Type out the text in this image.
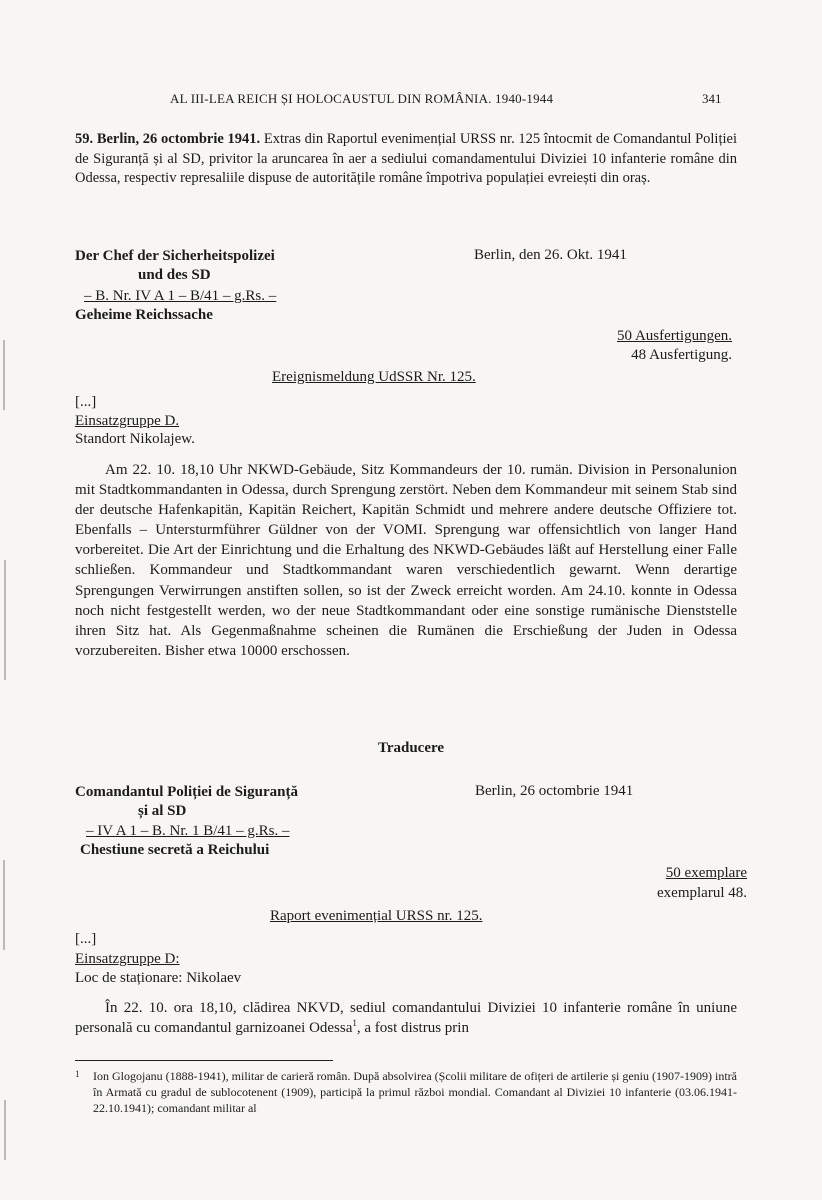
AL III-LEA REICH ȘI HOLOCAUSTUL DIN ROMÂNIA. 1940-1944	341
59. Berlin, 26 octombrie 1941. Extras din Raportul evenimențial URSS nr. 125 întocmit de Comandantul Poliției de Siguranță și al SD, privitor la aruncarea în aer a sediului comandamentului Diviziei 10 infanterie române din Odessa, respectiv represaliile dispuse de autoritățile române împotriva populației evreiești din oraș.
Der Chef der Sicherheitspolizei
und des SD
– B. Nr. IV A 1 – B/41 – g.Rs. –
Geheime Reichssache
Berlin, den 26. Okt. 1941
50 Ausfertigungen.
48 Ausfertigung.
Ereignismeldung UdSSR Nr. 125.
[...]
Einsatzgruppe D.
Standort Nikolajew.
Am 22. 10. 18,10 Uhr NKWD-Gebäude, Sitz Kommandeurs der 10. rumän. Division in Personalunion mit Stadtkommandanten in Odessa, durch Sprengung zerstört. Neben dem Kommandeur mit seinem Stab sind der deutsche Hafenkapitän, Kapitän Reichert, Kapitän Schmidt und mehrere andere deutsche Offiziere tot. Ebenfalls – Untersturmführer Güldner von der VOMI. Sprengung war offensichtlich von langer Hand vorbereitet. Die Art der Einrichtung und die Erhaltung des NKWD-Gebäudes läßt auf Herstellung einer Falle schließen. Kommandeur und Stadtkommandant waren verschiedentlich gewarnt. Wenn derartige Sprengungen Verwirrungen anstiften sollen, so ist der Zweck erreicht worden. Am 24.10. konnte in Odessa noch nicht festgestellt werden, wo der neue Stadtkommandant oder eine sonstige rumänische Dienststelle ihren Sitz hat. Als Gegenmaßnahme scheinen die Rumänen die Erschießung der Juden in Odessa vorzubereiten. Bisher etwa 10000 erschossen.
Traducere
Comandantul Poliției de Siguranță
și al SD
– IV A 1 – B. Nr. 1 B/41 – g.Rs. –
Chestiune secretă a Reichului
Berlin, 26 octombrie 1941
50 exemplare
exemplarul 48.
Raport evenimențial URSS nr. 125.
[...]
Einsatzgruppe D:
Loc de staționare: Nikolaev
În 22. 10. ora 18,10, clădirea NKVD, sediul comandantului Diviziei 10 infanterie române în uniune personală cu comandantul garnizoanei Odessa$^1$, a fost distrus prin
1	Ion Glogojanu (1888-1941), militar de carieră român. După absolvirea (Școlii militare de ofițeri de artilerie și geniu (1907-1909) intră în Armată cu gradul de sublocotenent (1909), participă la primul război mondial. Comandant al Diviziei 10 infanterie (03.06.1941-22.10.1941); comandant militar al
